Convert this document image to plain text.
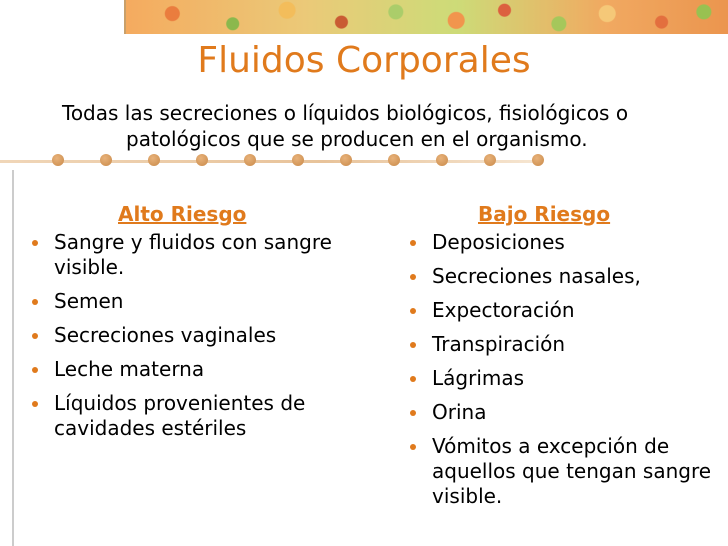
Fluidos Corporales
Todas las secreciones o líquidos biológicos, fisiológicos o patológicos que se producen en el organismo.
Alto Riesgo
Sangre y fluidos con sangre visible.
Semen
Secreciones vaginales
Leche materna
Líquidos provenientes de cavidades estériles
Bajo Riesgo
Deposiciones
Secreciones nasales,
Expectoración
Transpiración
Lágrimas
Orina
Vómitos a excepción de aquellos que tengan sangre visible.
